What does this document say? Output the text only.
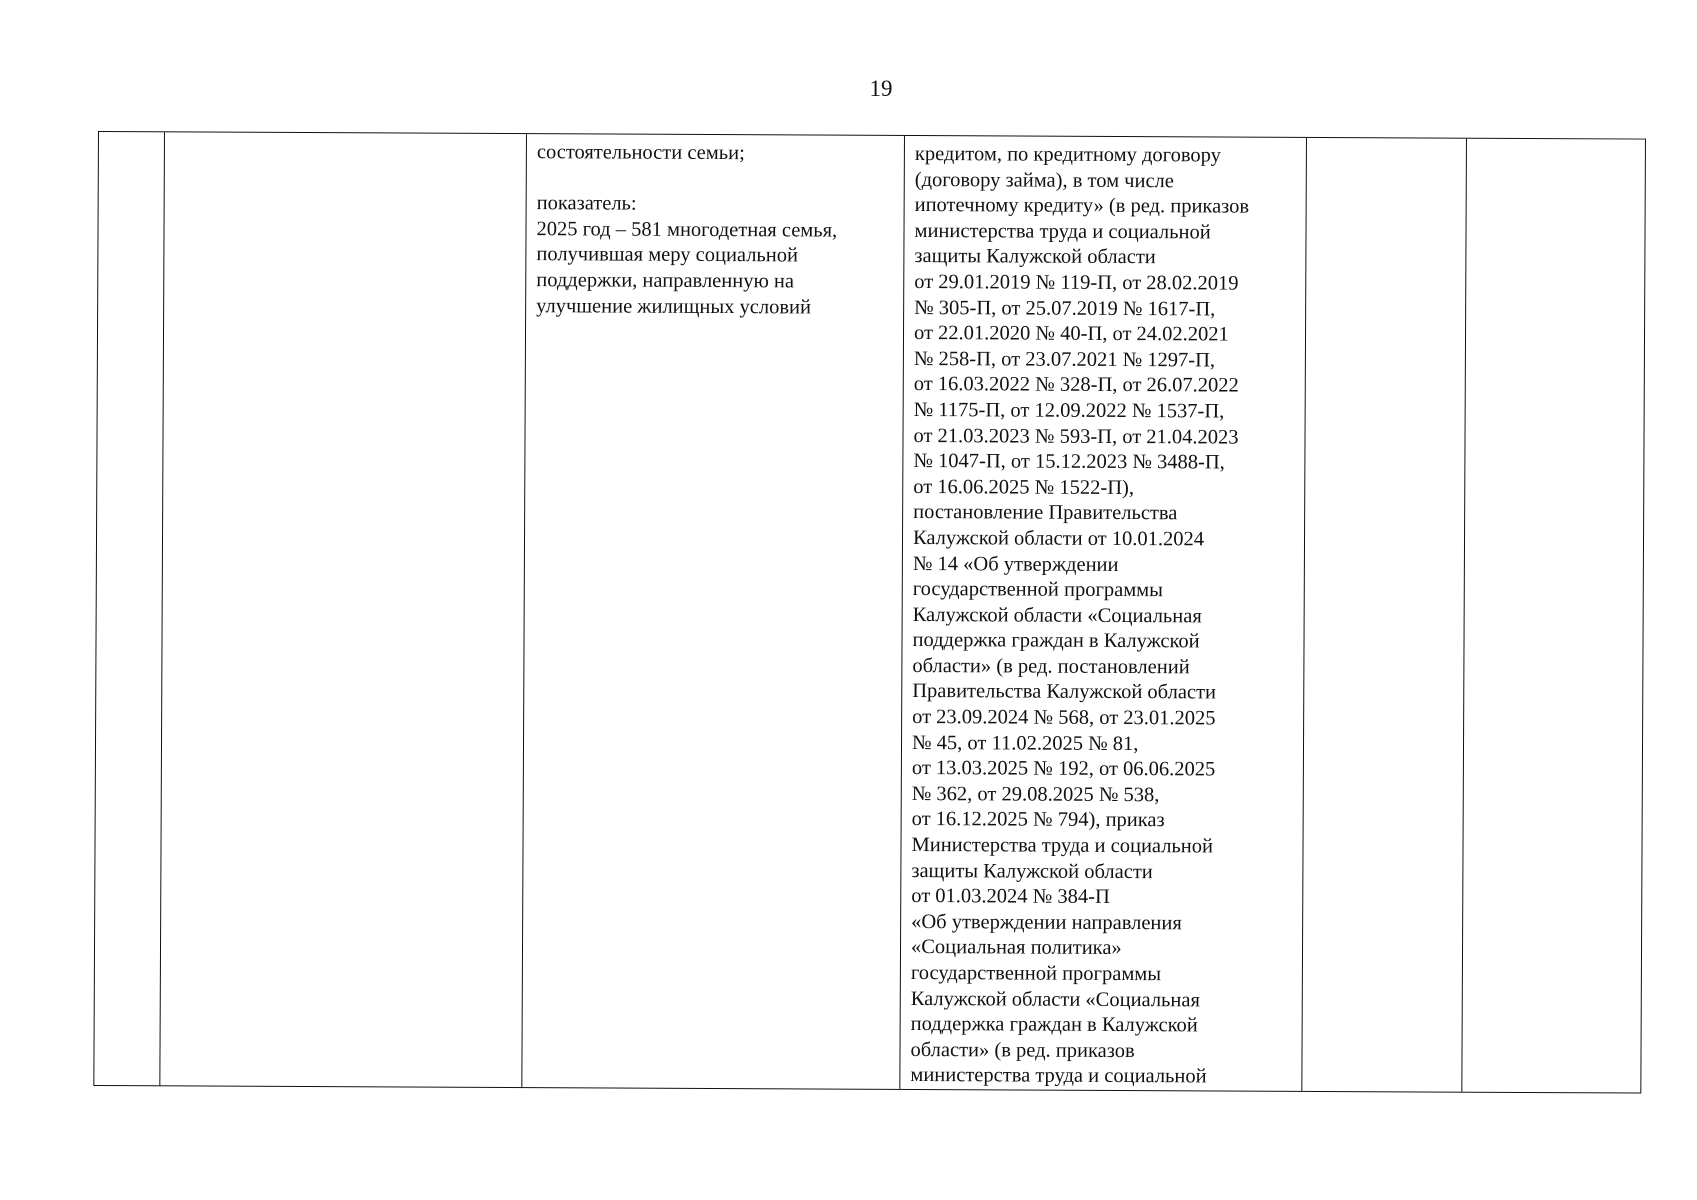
19
состоятельности семьи;
показатель:
2025 год – 581 многодетная семья,
получившая меру социальной
поддержки, направленную на
улучшение жилищных условий
кредитом, по кредитному договору
(договору займа), в том числе
ипотечному кредиту» (в ред. приказов
министерства труда и социальной
защиты Калужской области
от 29.01.2019 № 119-П, от 28.02.2019
№ 305-П, от 25.07.2019 № 1617-П,
от 22.01.2020 № 40-П, от 24.02.2021
№ 258-П, от 23.07.2021 № 1297-П,
от 16.03.2022 № 328-П, от 26.07.2022
№ 1175-П, от 12.09.2022 № 1537-П,
от 21.03.2023 № 593-П, от 21.04.2023
№ 1047-П, от 15.12.2023 № 3488-П,
от 16.06.2025 № 1522-П),
постановление Правительства
Калужской области от 10.01.2024
№ 14 «Об утверждении
государственной программы
Калужской области «Социальная
поддержка граждан в Калужской
области» (в ред. постановлений
Правительства Калужской области
от 23.09.2024 № 568, от 23.01.2025
№ 45, от 11.02.2025 № 81,
от 13.03.2025 № 192, от 06.06.2025
№ 362, от 29.08.2025 № 538,
от 16.12.2025 № 794), приказ
Министерства труда и социальной
защиты Калужской области
от 01.03.2024 № 384-П
«Об утверждении направления
«Социальная политика»
государственной программы
Калужской области «Социальная
поддержка граждан в Калужской
области» (в ред. приказов
министерства труда и социальной
